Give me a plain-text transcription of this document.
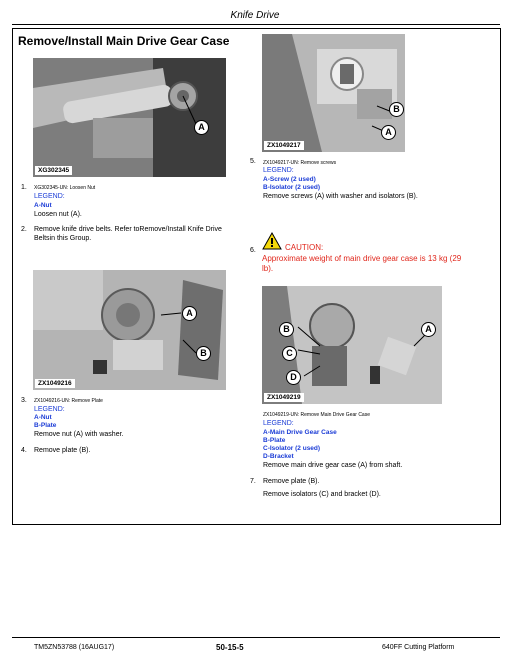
Knife Drive
Remove/Install Main Drive Gear Case
A
XG302345
1. XG302345-UN: Loosen Nut
LEGEND:
A-Nut
Loosen nut (A).
2. Remove knife drive belts. Refer toRemove/Install Knife Drive Beltsin this Group.
A
B
ZX1049216
3. ZX1049216-UN: Remove Plate
LEGEND:
A-Nut
B-Plate
Remove nut (A) with washer.
4. Remove plate (B).
B
A
ZX1049217
5. ZX1049217-UN: Remove screws
LEGEND:
A-Screw (2 used)
B-Isolator (2 used)
Remove screws (A) with washer and isolators (B).
6.	CAUTION:
Approximate weight of main drive gear case is 13 kg (29 lb).
B
C
D
A
ZX1049219
ZX1049219-UN: Remove Main Drive Gear Case
LEGEND:
A-Main Drive Gear Case
B-Plate
C-Isolator (2 used)
D-Bracket
Remove main drive gear case (A) from shaft.
7. Remove plate (B).
Remove isolators (C) and bracket (D).
TM5ZN53788 (16AUG17)	50-15-5	640FF Cutting Platform
